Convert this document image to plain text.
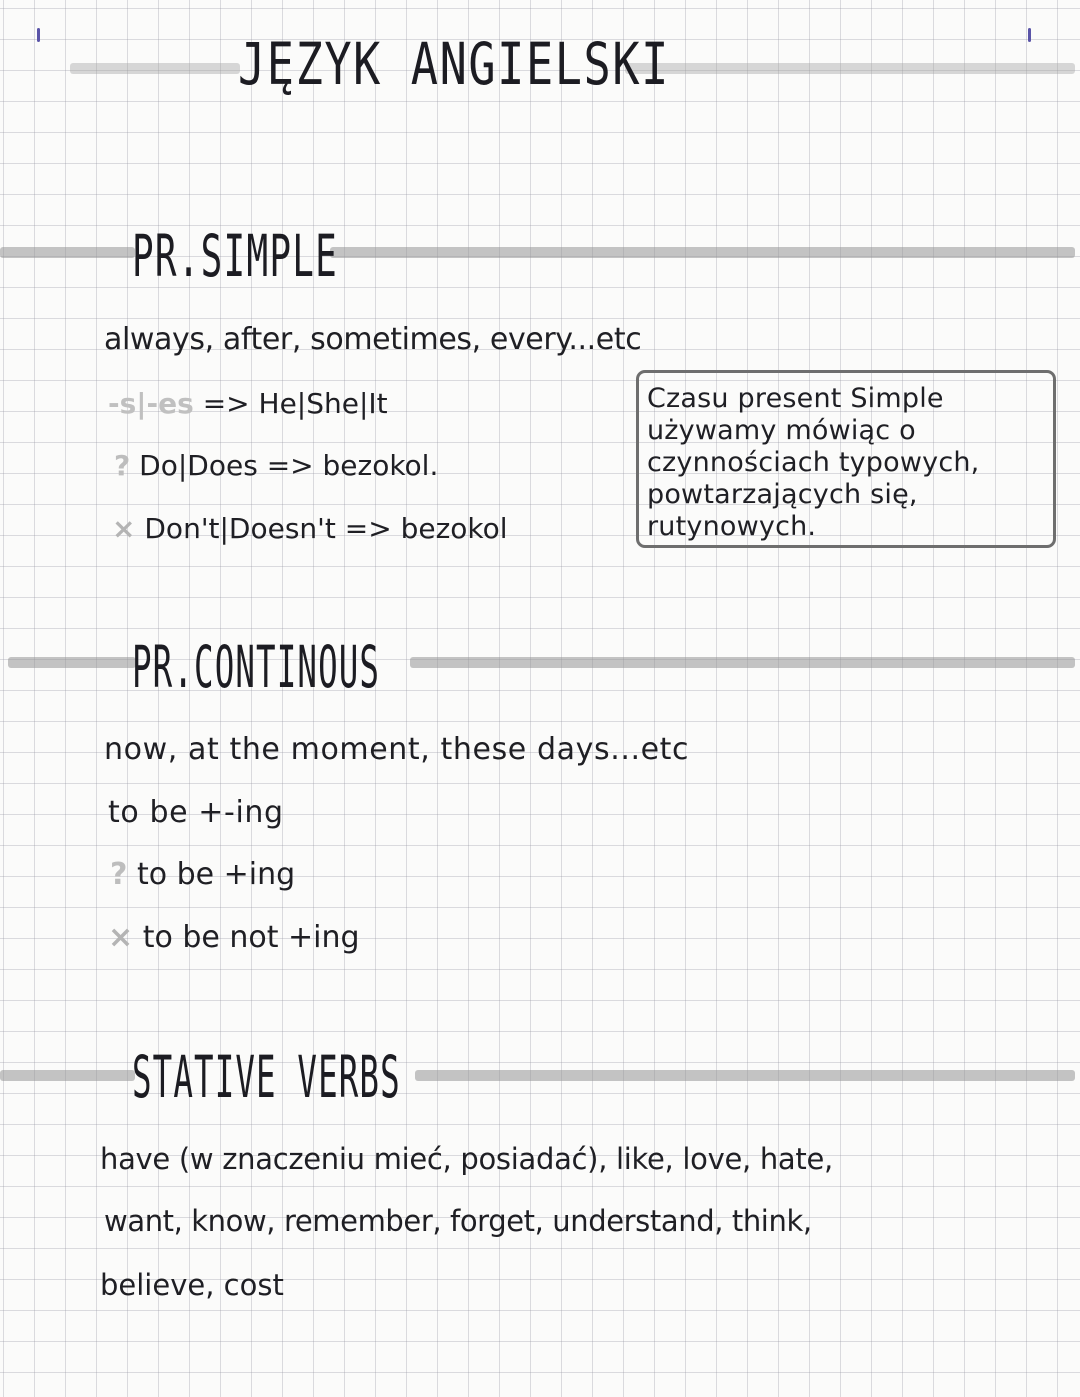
JĘZYK ANGIELSKI
PR.SIMPLE
always, after, sometimes, every...etc
-s|-es => He|She|It
? Do|Does => bezokol.
× Don't|Doesn't => bezokol
Czasu present Simple używamy mówiąc o czynnościach typowych, powtarzających się, rutynowych.
PR.CONTINOUS
now, at the moment, these days...etc
to be +-ing
? to be +ing
× to be not +ing
STATIVE VERBS
have (w znaczeniu mieć, posiadać), like, love, hate,
want, know, remember, forget, understand, think,
believe, cost
